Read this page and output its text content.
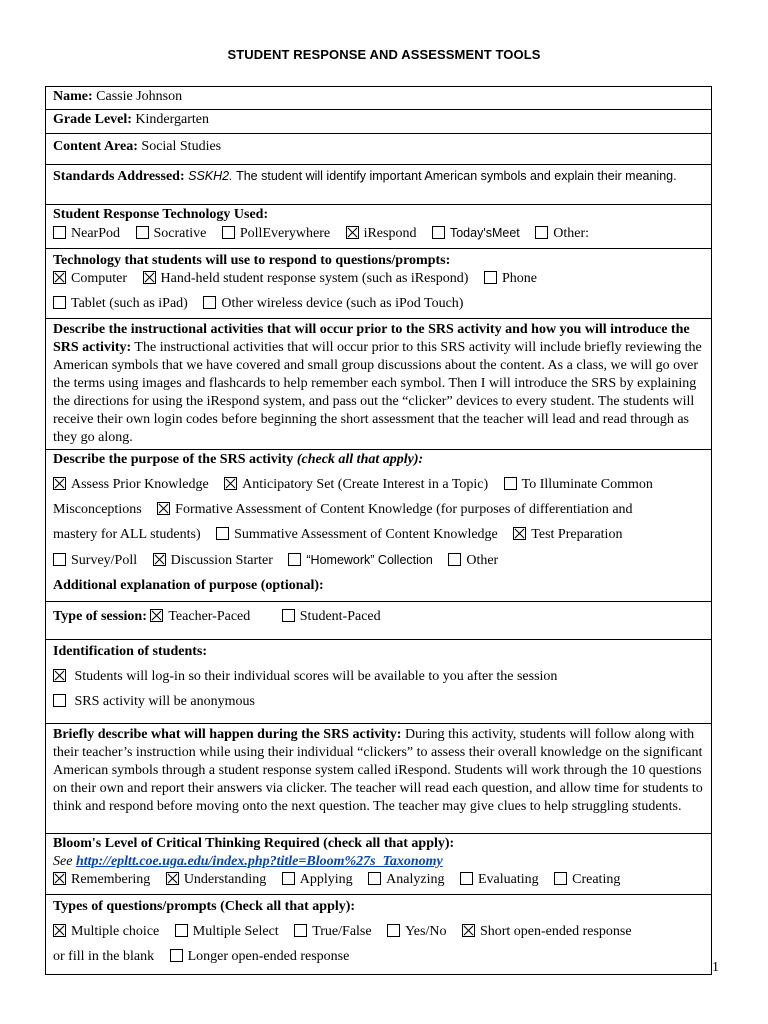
STUDENT RESPONSE AND ASSESSMENT TOOLS
Name: Cassie Johnson
Grade Level: Kindergarten
Content Area: Social Studies
Standards Addressed: SSKH2. The student will identify important American symbols and explain their meaning.
Student Response Technology Used:

NearPod Socrative PollEverywhere iRespond	Today'sMeet Other:

Technology that students will use to respond to questions/prompts:

Computer Hand-held student response system (such as iRespond) Phone
Tablet (such as iPad) Other wireless device (such as iPod Touch)

Describe the instructional activities that will occur prior to the SRS activity and how you will introduce the SRS activity: The instructional activities that will occur prior to this SRS activity will include briefly reviewing the American symbols that we have covered and small group discussions about the content. As a class, we will go over the terms using images and flashcards to help remember each symbol. Then I will introduce the SRS by explaining the directions for using the iRespond system, and pass out the “clicker” devices to every student. The students will receive their own login codes before beginning the short assessment that the teacher will lead and read through as they go along.
Describe the purpose of the SRS activity (check all that apply):
Assess Prior Knowledge Anticipatory Set (Create Interest in a Topic) To Illuminate Common
Misconceptions Formative Assessment of Content Knowledge (for purposes of differentiation and
mastery for ALL students) Summative Assessment of Content Knowledge Test Preparation
Survey/Poll Discussion Starter	“Homework” Collection Other
Additional explanation of purpose (optional):
Type of session: Teacher-Paced	Student-Paced
Identification of students:
Students will log-in so their individual scores will be available to you after the session
SRS activity will be anonymous

Briefly describe what will happen during the SRS activity: During this activity, students will follow along with their teacher’s instruction while using their individual “clickers” to assess their overall knowledge on the significant American symbols through a student response system called iRespond. Students will work through the 10 questions on their own and report their answers via clicker. The teacher will read each question, and allow time for students to think and respond before moving onto the next question. The teacher may give clues to help struggling students.
Bloom's Level of Critical Thinking Required (check all that apply):
See http://epltt.coe.uga.edu/index.php?title=Bloom%27s_Taxonomy

Remembering Understanding Applying Analyzing Evaluating Creating

Types of questions/prompts (Check all that apply):
Multiple choice Multiple Select True/False Yes/No Short open-ended response
or fill in the blank Longer open-ended response
1
